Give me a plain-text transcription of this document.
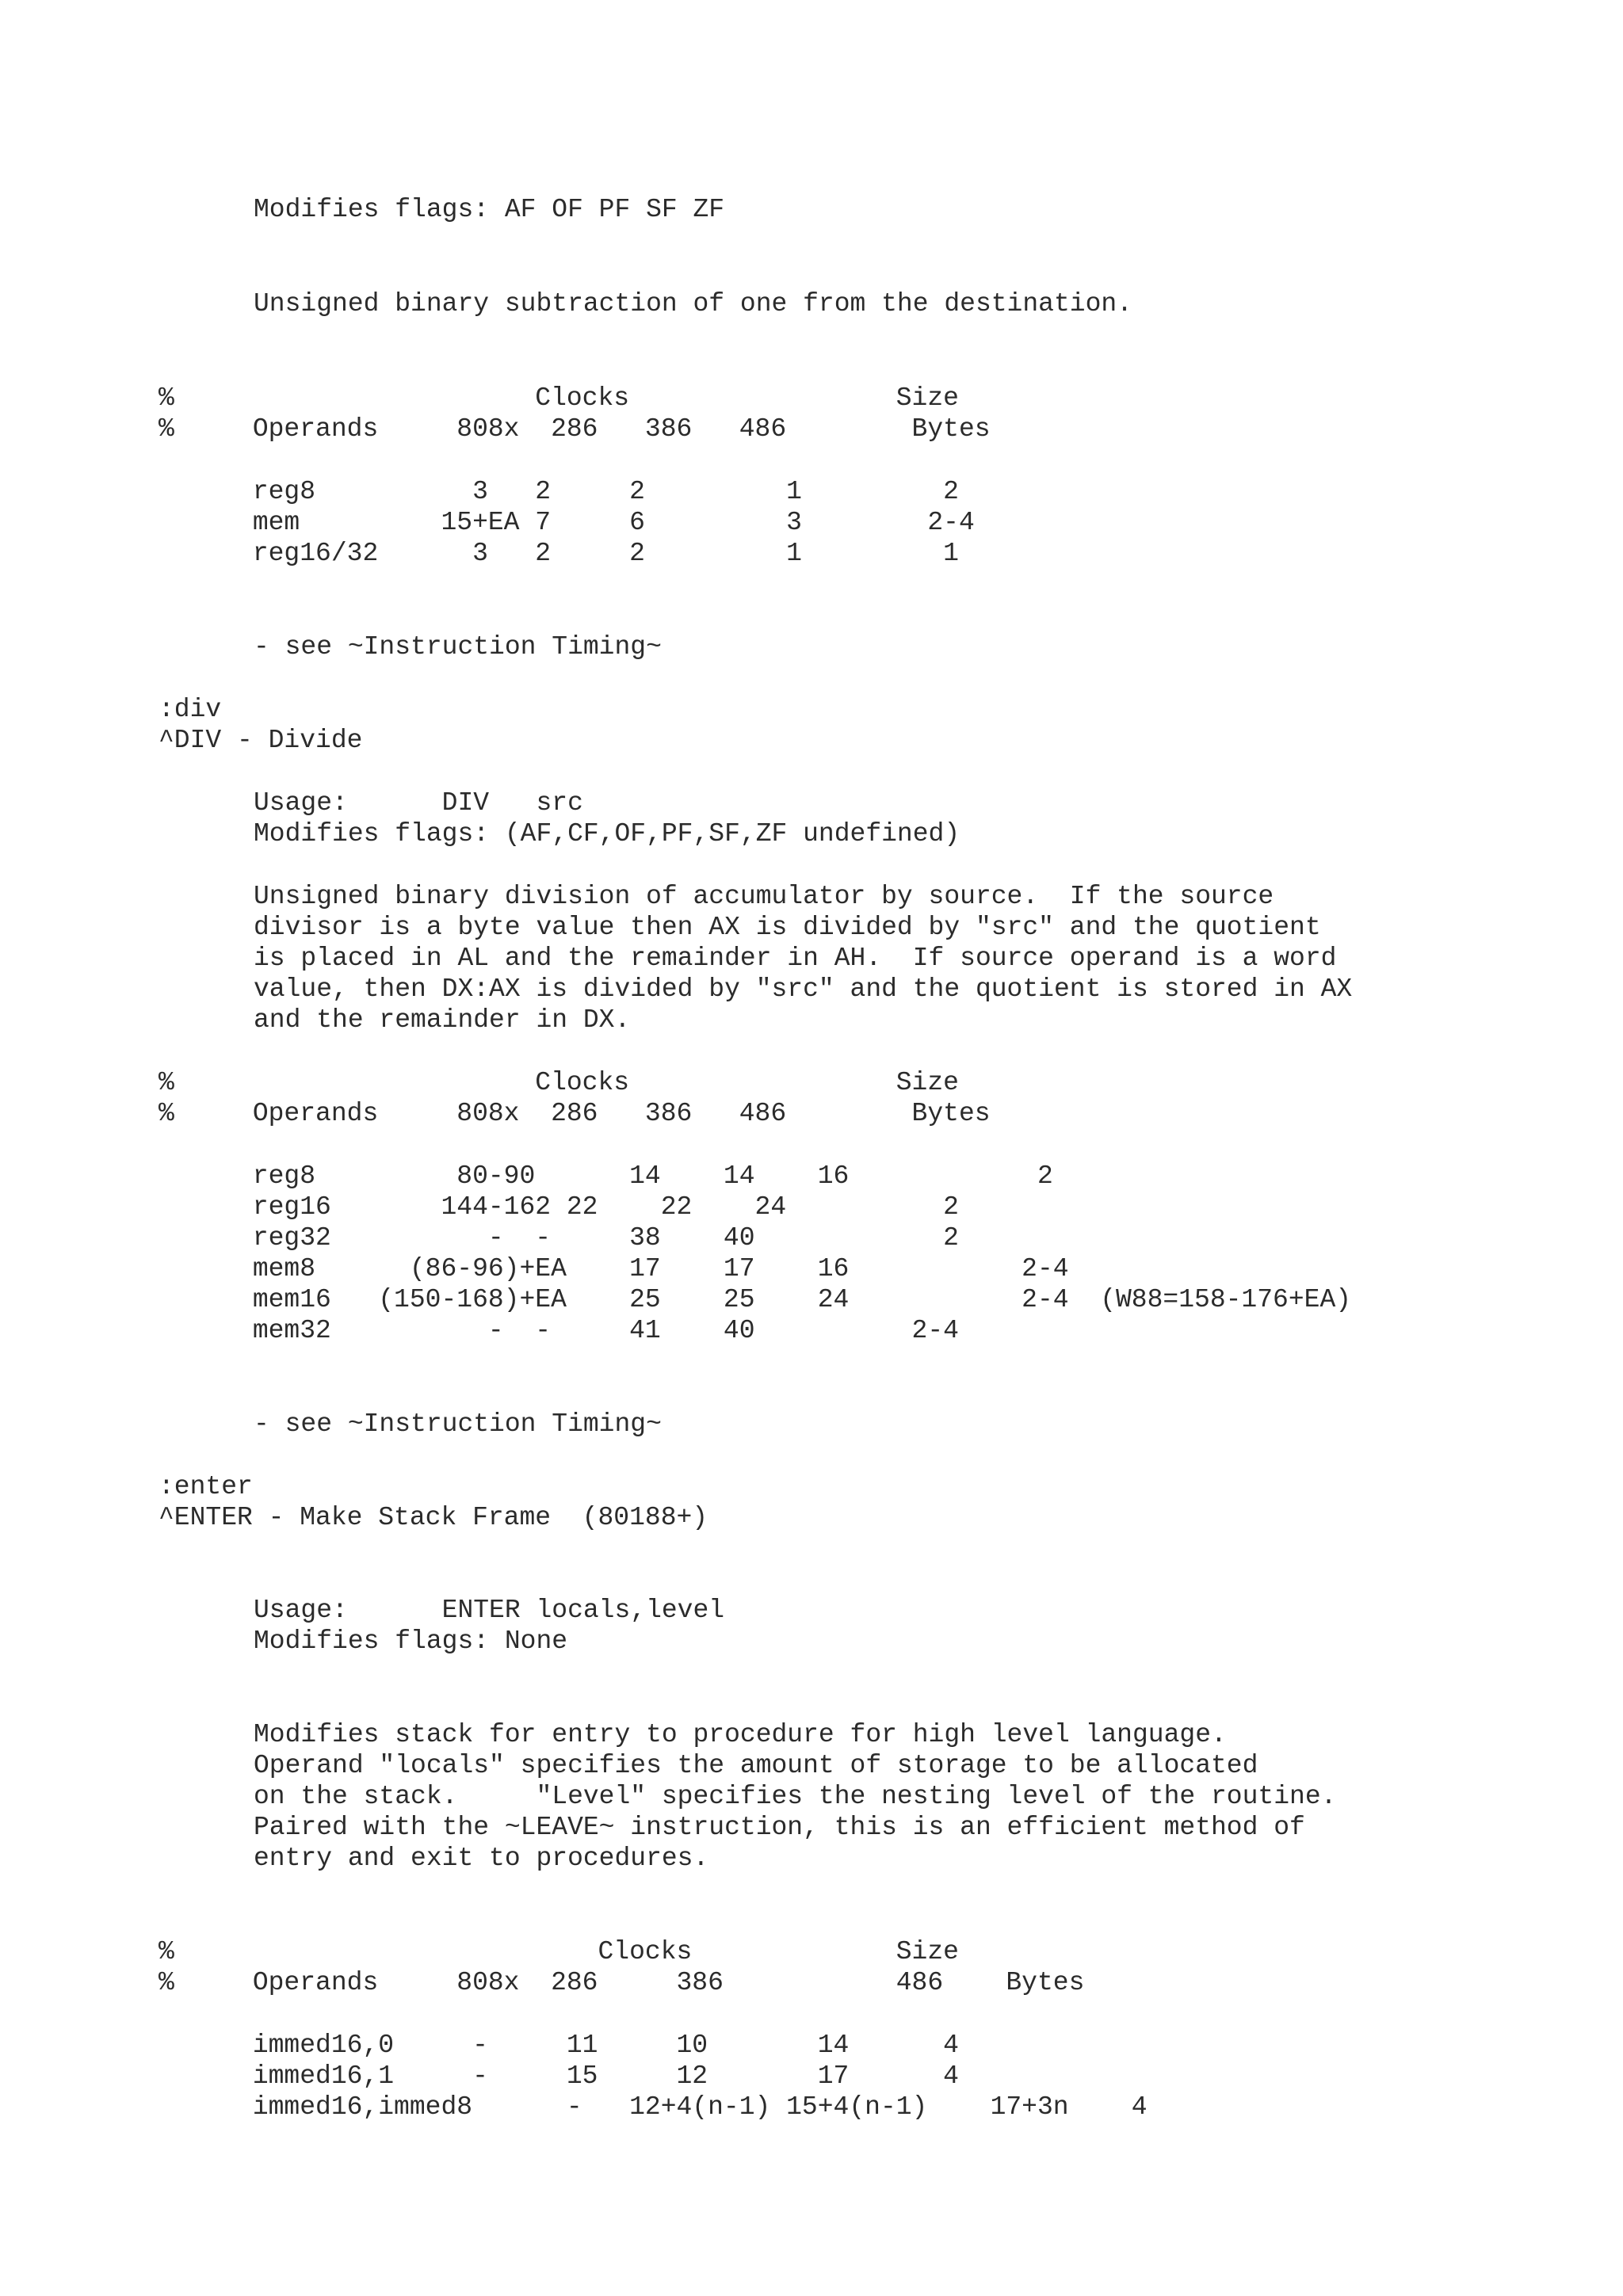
Modifies flags: AF OF PF SF ZF

Unsigned binary subtraction of one from the destination.

%                       Clocks                 Size

%     Operands     808x  286   386   486        Bytes

reg8          3   2     2         1         2

mem         15+EA 7     6         3        2-4

reg16/32      3   2     2         1         1

- see ~Instruction Timing~

:div

^DIV - Divide

Usage:      DIV   src

Modifies flags: (AF,CF,OF,PF,SF,ZF undefined)

Unsigned binary division of accumulator by source.  If the source

divisor is a byte value then AX is divided by "src" and the quotient

is placed in AL and the remainder in AH.  If source operand is a word

value, then DX:AX is divided by "src" and the quotient is stored in AX

and the remainder in DX.

%                       Clocks                 Size

%     Operands     808x  286   386   486        Bytes

reg8         80-90      14    14    16            2

reg16       144-162 22    22    24          2

reg32          -  -     38    40            2

mem8      (86-96)+EA    17    17    16           2-4

mem16   (150-168)+EA    25    25    24           2-4  (W88=158-176+EA)

mem32          -  -     41    40          2-4

- see ~Instruction Timing~

:enter

^ENTER - Make Stack Frame  (80188+)

Usage:      ENTER locals,level

Modifies flags: None

Modifies stack for entry to procedure for high level language.

Operand "locals" specifies the amount of storage to be allocated

on the stack.     "Level" specifies the nesting level of the routine.

Paired with the ~LEAVE~ instruction, this is an efficient method of

entry and exit to procedures.

%                           Clocks             Size

%     Operands     808x  286     386           486    Bytes

immed16,0     -     11     10       14      4

immed16,1     -     15     12       17      4

immed16,immed8      -   12+4(n-1) 15+4(n-1)    17+3n    4
